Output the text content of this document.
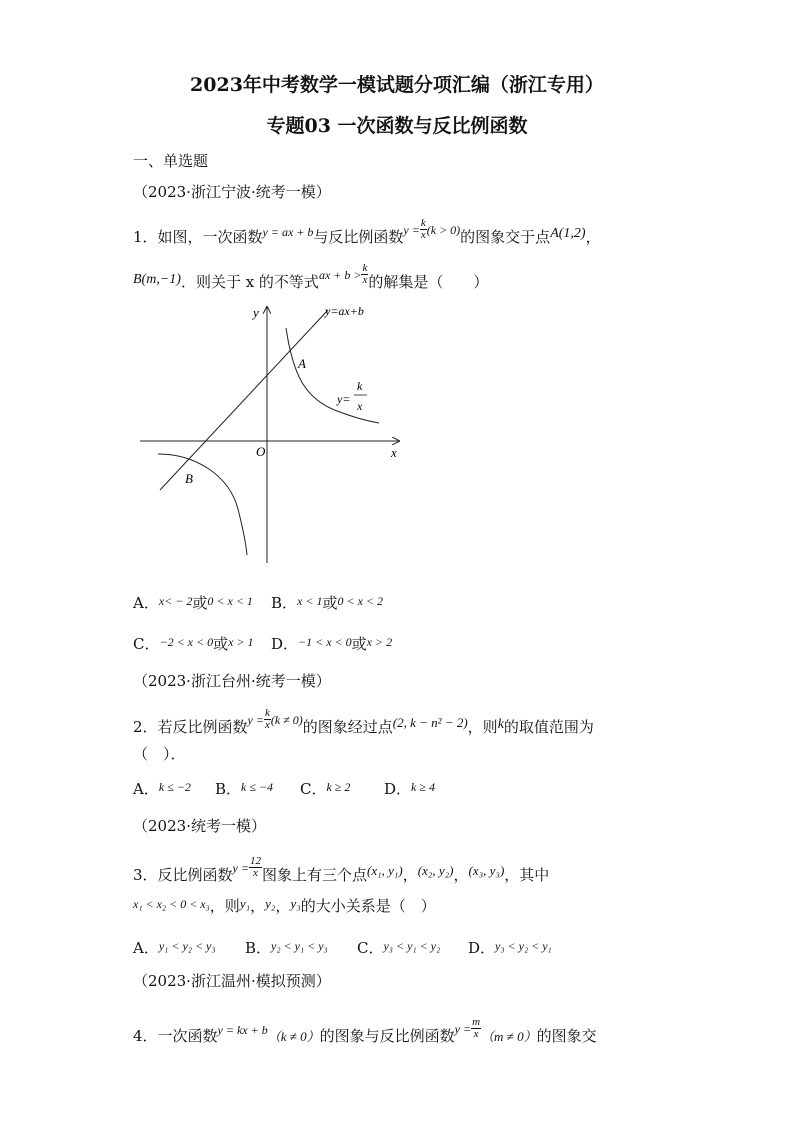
2023年中考数学一模试题分项汇编（浙江专用）
专题03 一次函数与反比例函数
一、单选题
（2023·浙江宁波·统考一模）
1．如图，一次函数$^{y = ax + b}$与反比例函数$^{y =} \frac{k}{x} ^{(k > 0)}$的图象交于点A(1,2)，
B(m,−1)．则关于 x 的不等式$^{ax + b >} \frac{k}{x}$ 的解集是（　　）
y
x
O
A
B
y=ax+b
y=
k
x
A．$^{x< - 2}$或$^{0 < x < 1}$ B．$^{x < 1}$或$^{0 < x < 2}$
C．$^{-2 < x < 0}$或$^{x > 1}$ D．$^{-1 < x < 0}$或$^{x > 2}$
（2023·浙江台州·统考一模）
2．若反比例函数$^{y =} \frac{k}{x} ^{(k \ne 0)}$的图象经过点(2, k − n² − 2)，则k的取值范围为
（　）．
A．$^{k \le -2}$ B．$^{k \le -4}$ C．$^{k \ge 2}$ D．$^{k \ge 4}$
（2023·统考一模）
3．反比例函数$^{y =} \frac{12}{x}$ 图象上有三个点(x₁, y₁)，(x₂, y₂)，(x₃, y₃)，其中
$^{x_1 < x_2 < 0 < x_3}$，则y₁，y₂，y₃的大小关系是（　）
A．$^{y_1 < y_2 < y_3}$ B．$^{y_2 < y_1 < y_3}$ C．$^{y_3 < y_1 < y_2}$ D．$^{y_3 < y_2 < y_1}$
（2023·浙江温州·模拟预测）
4．一次函数$^{y = kx + b}$（k ≠ 0）的图象与反比例函数$^{y =} \frac{m}{x} (m \ne 0)$的图象交
